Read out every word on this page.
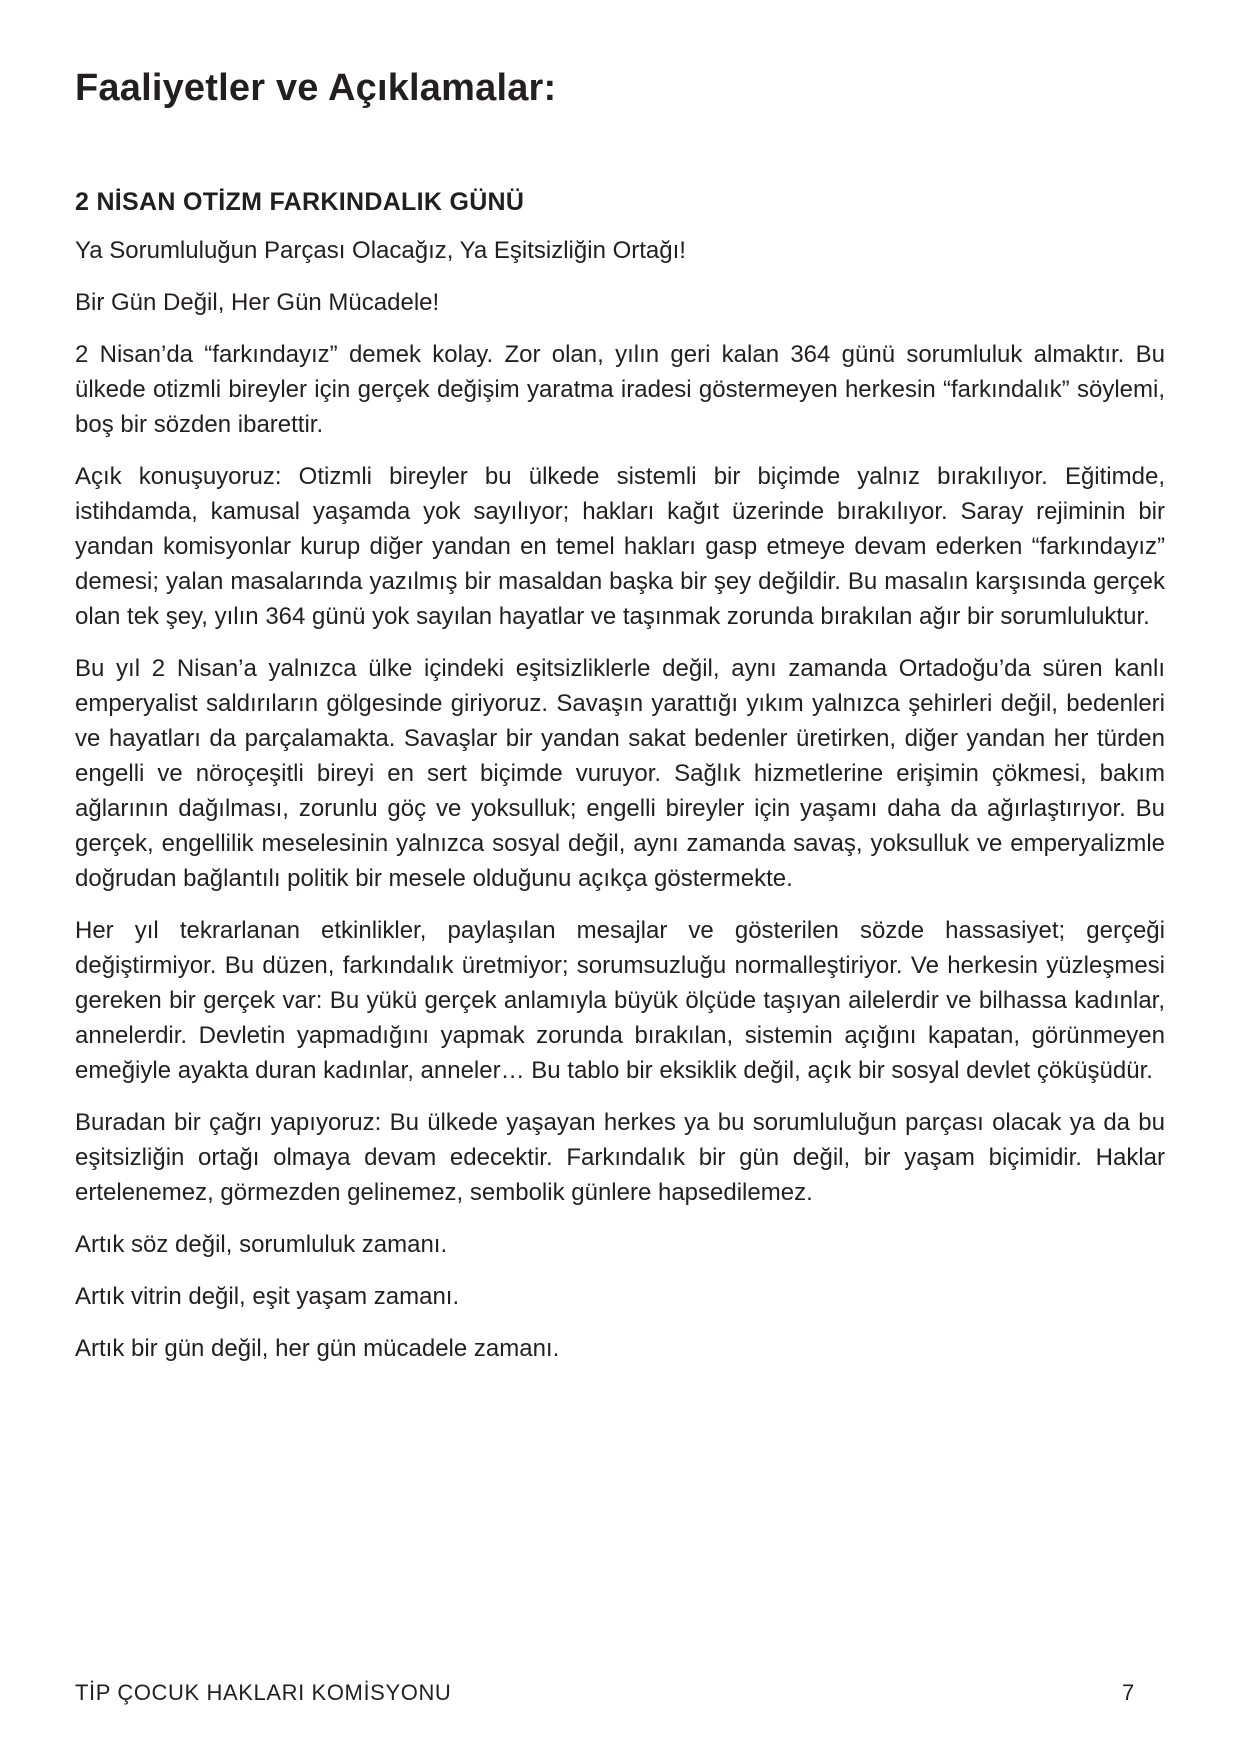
Faaliyetler ve Açıklamalar:
2 NİSAN OTİZM FARKINDALIK GÜNÜ

Ya Sorumluluğun Parçası Olacağız, Ya Eşitsizliğin Ortağı!

Bir Gün Değil, Her Gün Mücadele!

2 Nisan’da “farkındayız” demek kolay. Zor olan, yılın geri kalan 364 günü sorumluluk almaktır. Bu ülkede otizmli bireyler için gerçek değişim yaratma iradesi göstermeyen herkesin “farkındalık” söylemi, boş bir sözden ibarettir.

Açık konuşuyoruz: Otizmli bireyler bu ülkede sistemli bir biçimde yalnız bırakılıyor. Eğitimde, istihdamda, kamusal yaşamda yok sayılıyor; hakları kağıt üzerinde bırakılıyor. Saray rejiminin bir yandan komisyonlar kurup diğer yandan en temel hakları gasp etmeye devam ederken “farkındayız” demesi; yalan masalarında yazılmış bir masaldan başka bir şey değildir. Bu masalın karşısında gerçek olan tek şey, yılın 364 günü yok sayılan hayatlar ve taşınmak zorunda bırakılan ağır bir sorumluluktur.

Bu yıl 2 Nisan’a yalnızca ülke içindeki eşitsizliklerle değil, aynı zamanda Ortadoğu’da süren kanlı emperyalist saldırıların gölgesinde giriyoruz. Savaşın yarattığı yıkım yalnızca şehirleri değil, bedenleri ve hayatları da parçalamakta. Savaşlar bir yandan sakat bedenler üretirken, diğer yandan her türden engelli ve nöroçeşitli bireyi en sert biçimde vuruyor. Sağlık hizmetlerine erişimin çökmesi, bakım ağlarının dağılması, zorunlu göç ve yoksulluk; engelli bireyler için yaşamı daha da ağırlaştırıyor. Bu gerçek, engellilik meselesinin yalnızca sosyal değil, aynı zamanda savaş, yoksulluk ve emperyalizmle doğrudan bağlantılı politik bir mesele olduğunu açıkça göstermekte.

Her yıl tekrarlanan etkinlikler, paylaşılan mesajlar ve gösterilen sözde hassasiyet; gerçeği değiştirmiyor. Bu düzen, farkındalık üretmiyor; sorumsuzluğu normalleştiriyor. Ve herkesin yüzleşmesi gereken bir gerçek var: Bu yükü gerçek anlamıyla büyük ölçüde taşıyan ailelerdir ve bilhassa kadınlar, annelerdir. Devletin yapmadığını yapmak zorunda bırakılan, sistemin açığını kapatan, görünmeyen emeğiyle ayakta duran kadınlar, anneler… Bu tablo bir eksiklik değil, açık bir sosyal devlet çöküşüdür.

Buradan bir çağrı yapıyoruz: Bu ülkede yaşayan herkes ya bu sorumluluğun parçası olacak ya da bu eşitsizliğin ortağı olmaya devam edecektir. Farkındalık bir gün değil, bir yaşam biçimidir. Haklar ertelenemez, görmezden gelinemez, sembolik günlere hapsedilemez.

Artık söz değil, sorumluluk zamanı.

Artık vitrin değil, eşit yaşam zamanı.

Artık bir gün değil, her gün mücadele zamanı.

TİP ÇOCUK HAKLARI KOMİSYONU	7
